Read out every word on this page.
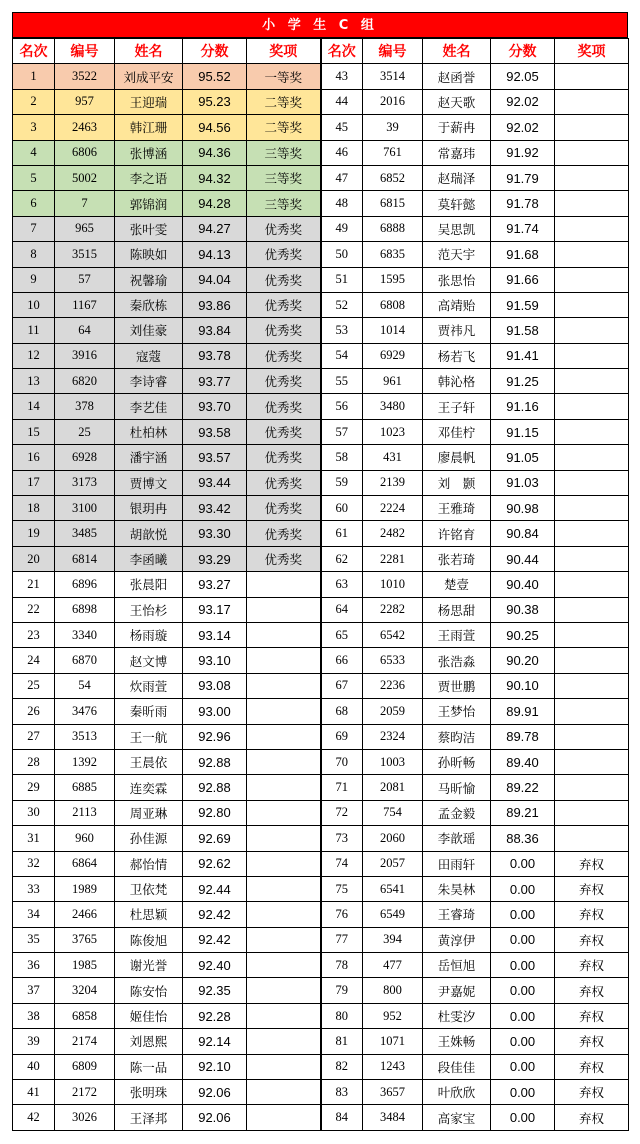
小 学 生 C 组
名次	编号	姓名	分数	奖项	名次	编号	姓名	分数	奖项
1	3522	刘成平安	95.52	一等奖	43	3514	赵函誉	92.05	
2	957	王迎瑞	95.23	二等奖	44	2016	赵天歌	92.02	
3	2463	韩江珊	94.56	二等奖	45	39	于薪冉	92.02	
4	6806	张博涵	94.36	三等奖	46	761	常嘉玮	91.92	
5	5002	李之语	94.32	三等奖	47	6852	赵瑞泽	91.79	
6	7	郭锦润	94.28	三等奖	48	6815	莫轩懿	91.78	
7	965	张叶雯	94.27	优秀奖	49	6888	吴思凯	91.74	
8	3515	陈映如	94.13	优秀奖	50	6835	范天宇	91.68	
9	57	祝馨瑜	94.04	优秀奖	51	1595	张思怡	91.66	
10	1167	秦欣栋	93.86	优秀奖	52	6808	高靖贻	91.59	
11	64	刘佳豪	93.84	优秀奖	53	1014	贾祎凡	91.58	
12	3916	寇蔻	93.78	优秀奖	54	6929	杨若飞	91.41	
13	6820	李诗睿	93.77	优秀奖	55	961	韩沁格	91.25	
14	378	李艺佳	93.70	优秀奖	56	3480	王子轩	91.16	
15	25	杜柏林	93.58	优秀奖	57	1023	邓佳柠	91.15	
16	6928	潘宇涵	93.57	优秀奖	58	431	廖晨帆	91.05	
17	3173	贾博文	93.44	优秀奖	59	2139	刘　颢	91.03	
18	3100	银玥冉	93.42	优秀奖	60	2224	王雅琦	90.98	
19	3485	胡歆悦	93.30	优秀奖	61	2482	许铭育	90.84	
20	6814	李函曦	93.29	优秀奖	62	2281	张若琦	90.44	
21	6896	张晨阳	93.27		63	1010	楚壹	90.40	
22	6898	王怡杉	93.17		64	2282	杨思甜	90.38	
23	3340	杨雨璇	93.14		65	6542	王雨萱	90.25	
24	6870	赵文博	93.10		66	6533	张浩淼	90.20	
25	54	炊雨萱	93.08		67	2236	贾世鹏	90.10	
26	3476	秦昕雨	93.00		68	2059	王梦怡	89.91	
27	3513	王一航	92.96		69	2324	蔡昀洁	89.78	
28	1392	王晨依	92.88		70	1003	孙昕畅	89.40	
29	6885	连奕霖	92.88		71	2081	马昕愉	89.22	
30	2113	周亚琳	92.80		72	754	孟金毅	89.21	
31	960	孙佳源	92.69		73	2060	李歆瑶	88.36	
32	6864	郝怡情	92.62		74	2057	田雨轩	0.00	弃权
33	1989	卫依梵	92.44		75	6541	朱昊林	0.00	弃权
34	2466	杜思颖	92.42		76	6549	王睿琦	0.00	弃权
35	3765	陈俊旭	92.42		77	394	黄淳伊	0.00	弃权
36	1985	谢光誉	92.40		78	477	岳恒旭	0.00	弃权
37	3204	陈安怡	92.35		79	800	尹嘉妮	0.00	弃权
38	6858	姬佳怡	92.28		80	952	杜雯汐	0.00	弃权
39	2174	刘恩熙	92.14		81	1071	王姝畅	0.00	弃权
40	6809	陈一品	92.10		82	1243	段佳佳	0.00	弃权
41	2172	张明珠	92.06		83	3657	叶欣欣	0.00	弃权
42	3026	王泽邦	92.06		84	3484	高家宝	0.00	弃权
